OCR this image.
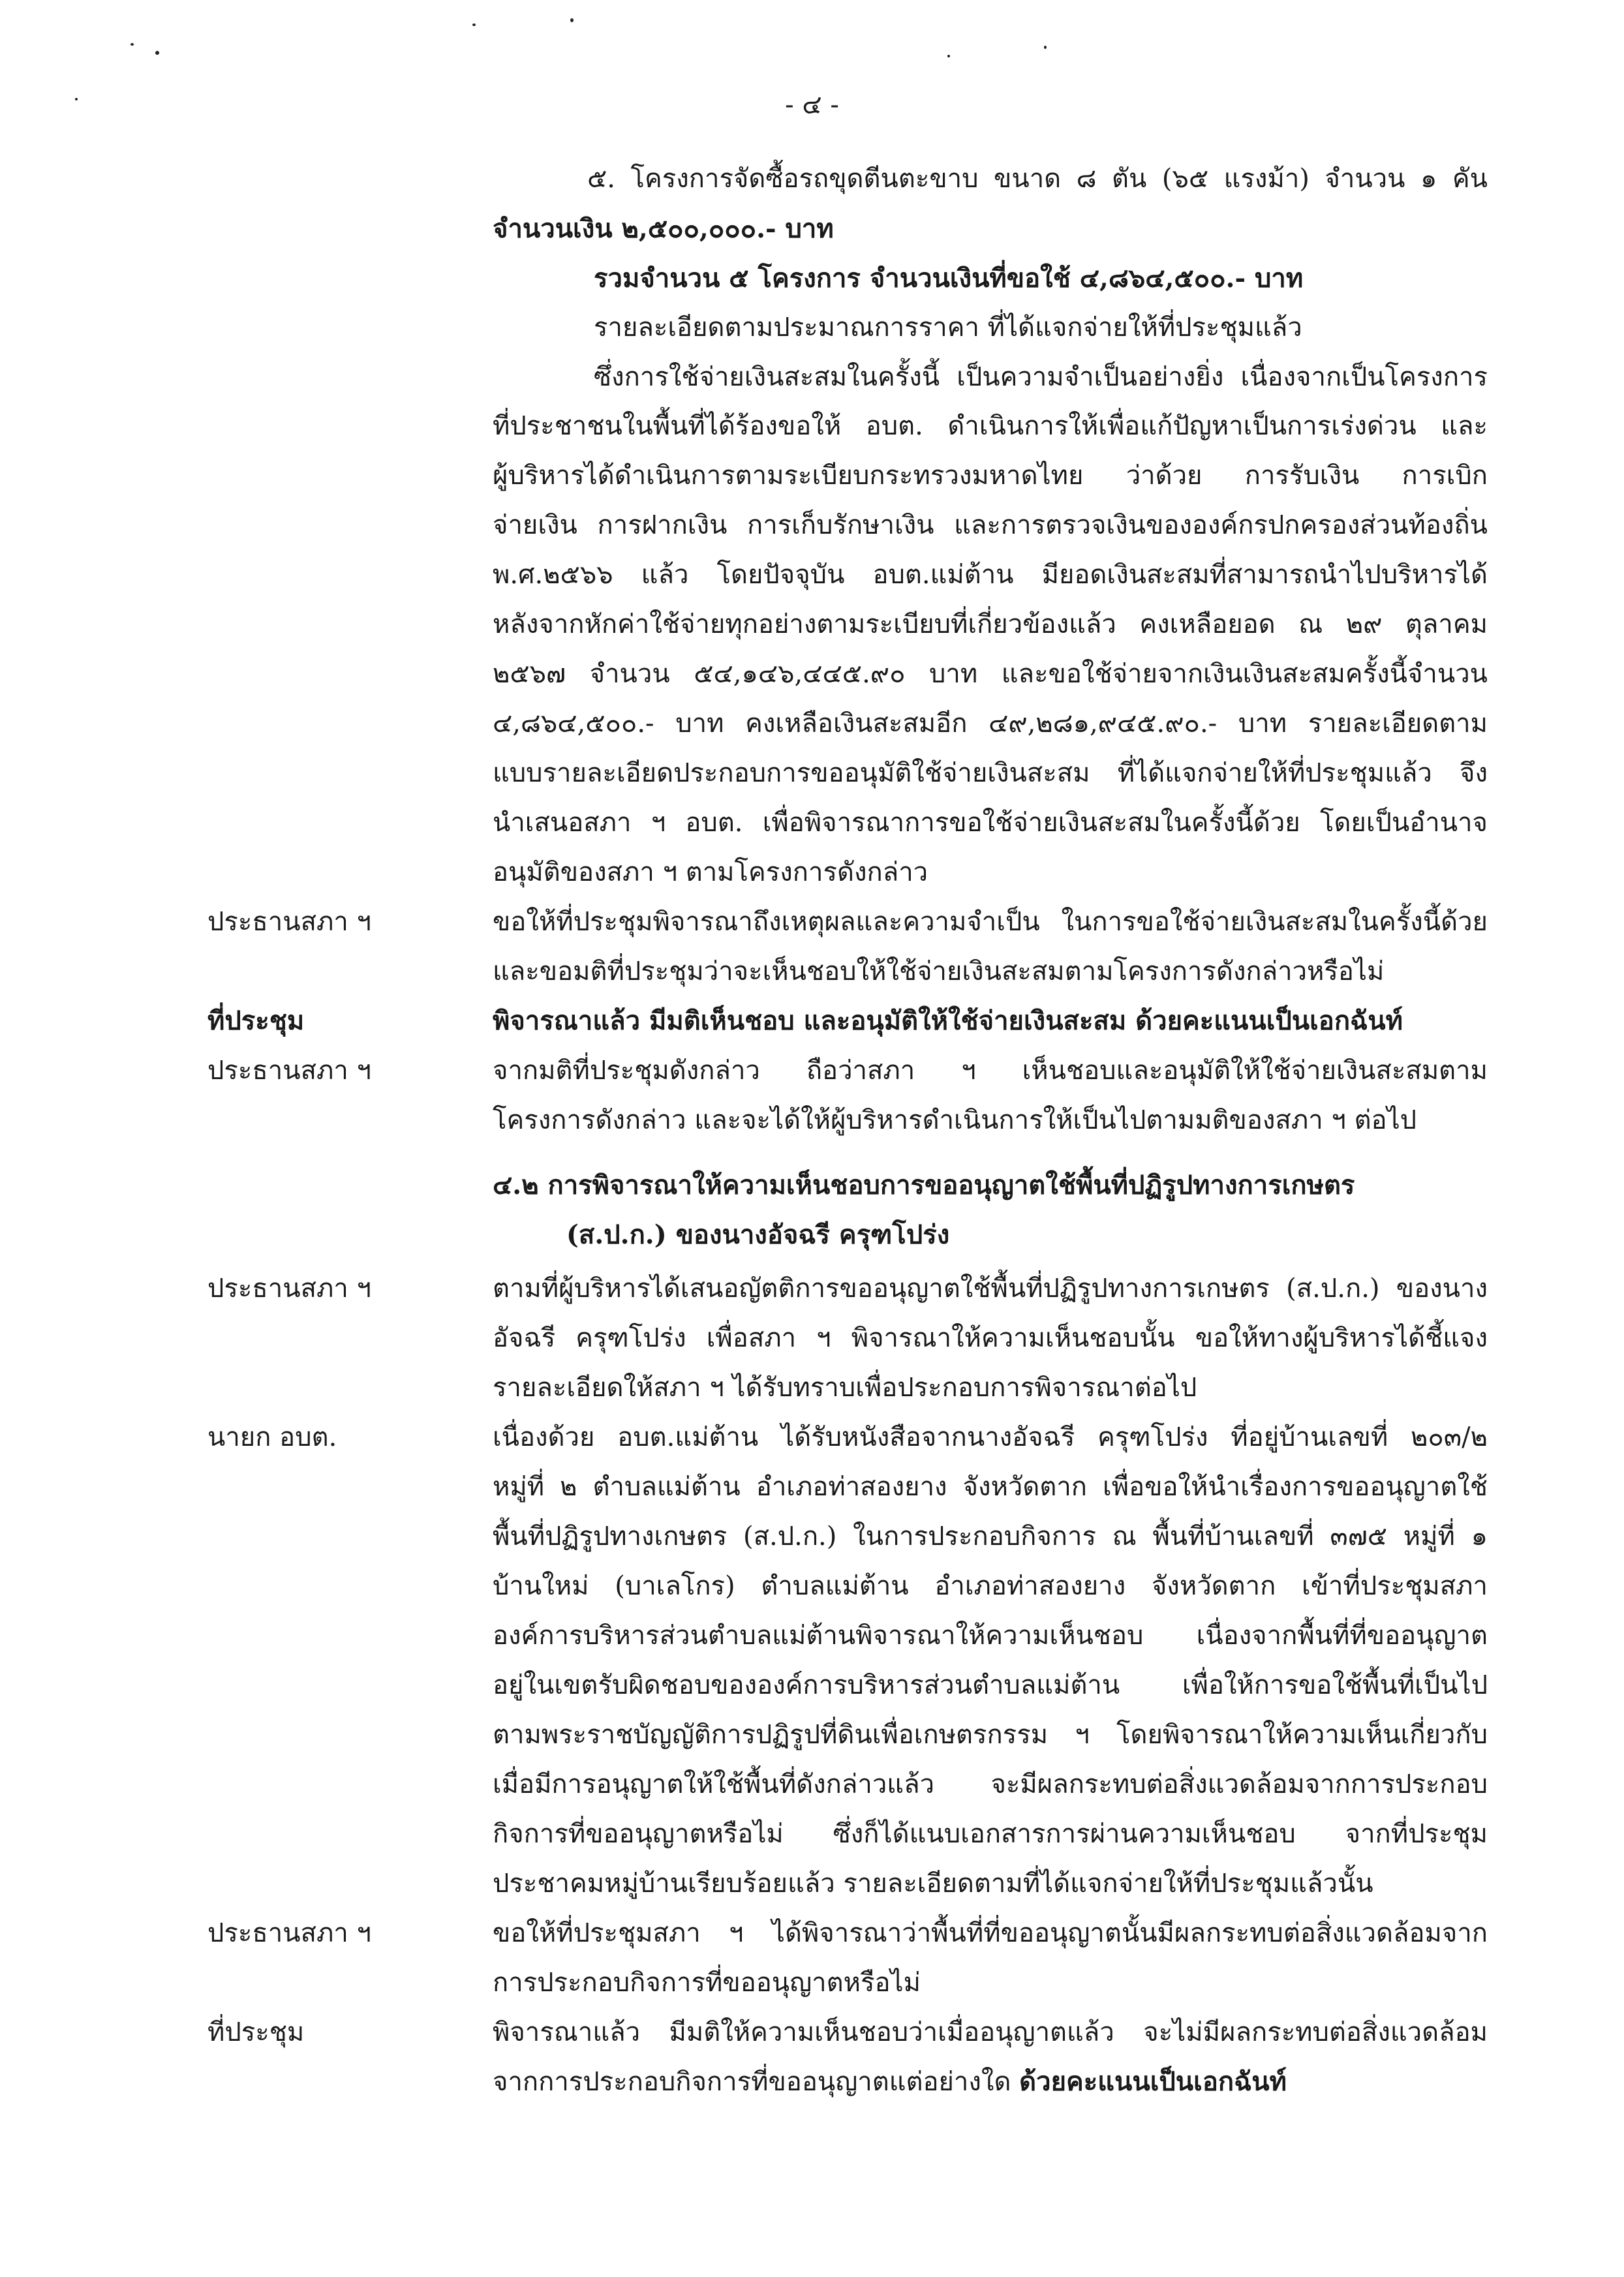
- ๔ -
๕. โครงการจัดซื้อรถขุดตีนตะขาบ ขนาด ๘ ตัน (๖๕ แรงม้า) จำนวน ๑ คัน
จำนวนเงิน ๒,๕๐๐,๐๐๐.- บาท
รวมจำนวน ๕ โครงการ จำนวนเงินที่ขอใช้ ๔,๘๖๔,๕๐๐.- บาท
รายละเอียดตามประมาณการราคา ที่ได้แจกจ่ายให้ที่ประชุมแล้ว
ซึ่งการใช้จ่ายเงินสะสมในครั้งนี้ เป็นความจำเป็นอย่างยิ่ง เนื่องจากเป็นโครงการ
ที่ประชาชนในพื้นที่ได้ร้องขอให้ อบต. ดำเนินการให้เพื่อแก้ปัญหาเป็นการเร่งด่วน และ
ผู้บริหารได้ดำเนินการตามระเบียบกระทรวงมหาดไทย ว่าด้วย การรับเงิน การเบิก
จ่ายเงิน การฝากเงิน การเก็บรักษาเงิน และการตรวจเงินขององค์กรปกครองส่วนท้องถิ่น
พ.ศ.๒๕๖๖ แล้ว โดยปัจจุบัน อบต.แม่ต้าน มียอดเงินสะสมที่สามารถนำไปบริหารได้
หลังจากหักค่าใช้จ่ายทุกอย่างตามระเบียบที่เกี่ยวข้องแล้ว คงเหลือยอด ณ ๒๙ ตุลาคม
๒๕๖๗ จำนวน ๕๔,๑๔๖,๔๔๕.๙๐ บาท และขอใช้จ่ายจากเงินเงินสะสมครั้งนี้จำนวน
๔,๘๖๔,๕๐๐.- บาท คงเหลือเงินสะสมอีก ๔๙,๒๘๑,๙๔๕.๙๐.- บาท รายละเอียดตาม
แบบรายละเอียดประกอบการขออนุมัติใช้จ่ายเงินสะสม ที่ได้แจกจ่ายให้ที่ประชุมแล้ว จึง
นำเสนอสภา ฯ อบต. เพื่อพิจารณาการขอใช้จ่ายเงินสะสมในครั้งนี้ด้วย โดยเป็นอำนาจ
อนุมัติของสภา ฯ ตามโครงการดังกล่าว
ประธานสภา ฯ	ขอให้ที่ประชุมพิจารณาถึงเหตุผลและความจำเป็น ในการขอใช้จ่ายเงินสะสมในครั้งนี้ด้วย
และขอมติที่ประชุมว่าจะเห็นชอบให้ใช้จ่ายเงินสะสมตามโครงการดังกล่าวหรือไม่
ที่ประชุม	พิจารณาแล้ว มีมติเห็นชอบ และอนุมัติให้ใช้จ่ายเงินสะสม ด้วยคะแนนเป็นเอกฉันท์
ประธานสภา ฯ	จากมติที่ประชุมดังกล่าว ถือว่าสภา ฯ เห็นชอบและอนุมัติให้ใช้จ่ายเงินสะสมตาม
โครงการดังกล่าว และจะได้ให้ผู้บริหารดำเนินการให้เป็นไปตามมติของสภา ฯ ต่อไป
๔.๒ การพิจารณาให้ความเห็นชอบการขออนุญาตใช้พื้นที่ปฏิรูปทางการเกษตร
(ส.ป.ก.) ของนางอัจฉรี ครุฑโปร่ง
ประธานสภา ฯ	ตามที่ผู้บริหารได้เสนอญัตติการขออนุญาตใช้พื้นที่ปฏิรูปทางการเกษตร (ส.ป.ก.) ของนาง
อัจฉรี ครุฑโปร่ง เพื่อสภา ฯ พิจารณาให้ความเห็นชอบนั้น ขอให้ทางผู้บริหารได้ชี้แจง
รายละเอียดให้สภา ฯ ได้รับทราบเพื่อประกอบการพิจารณาต่อไป
นายก อบต.	เนื่องด้วย อบต.แม่ต้าน ได้รับหนังสือจากนางอัจฉรี ครุฑโปร่ง ที่อยู่บ้านเลขที่ ๒๐๓/๒
หมู่ที่ ๒ ตำบลแม่ต้าน อำเภอท่าสองยาง จังหวัดตาก เพื่อขอให้นำเรื่องการขออนุญาตใช้
พื้นที่ปฏิรูปทางเกษตร (ส.ป.ก.) ในการประกอบกิจการ ณ พื้นที่บ้านเลขที่ ๓๗๕ หมู่ที่ ๑
บ้านใหม่ (บาเลโกร) ตำบลแม่ต้าน อำเภอท่าสองยาง จังหวัดตาก เข้าที่ประชุมสภา
องค์การบริหารส่วนตำบลแม่ต้านพิจารณาให้ความเห็นชอบ เนื่องจากพื้นที่ที่ขออนุญาต
อยู่ในเขตรับผิดชอบขององค์การบริหารส่วนตำบลแม่ต้าน เพื่อให้การขอใช้พื้นที่เป็นไป
ตามพระราชบัญญัติการปฏิรูปที่ดินเพื่อเกษตรกรรม ฯ โดยพิจารณาให้ความเห็นเกี่ยวกับ
เมื่อมีการอนุญาตให้ใช้พื้นที่ดังกล่าวแล้ว จะมีผลกระทบต่อสิ่งแวดล้อมจากการประกอบ
กิจการที่ขออนุญาตหรือไม่ ซึ่งก็ได้แนบเอกสารการผ่านความเห็นชอบ จากที่ประชุม
ประชาคมหมู่บ้านเรียบร้อยแล้ว รายละเอียดตามที่ได้แจกจ่ายให้ที่ประชุมแล้วนั้น
ประธานสภา ฯ	ขอให้ที่ประชุมสภา ฯ ได้พิจารณาว่าพื้นที่ที่ขออนุญาตนั้นมีผลกระทบต่อสิ่งแวดล้อมจาก
การประกอบกิจการที่ขออนุญาตหรือไม่
ที่ประชุม	พิจารณาแล้ว มีมติให้ความเห็นชอบว่าเมื่ออนุญาตแล้ว จะไม่มีผลกระทบต่อสิ่งแวดล้อม
จากการประกอบกิจการที่ขออนุญาตแต่อย่างใด ด้วยคะแนนเป็นเอกฉันท์
